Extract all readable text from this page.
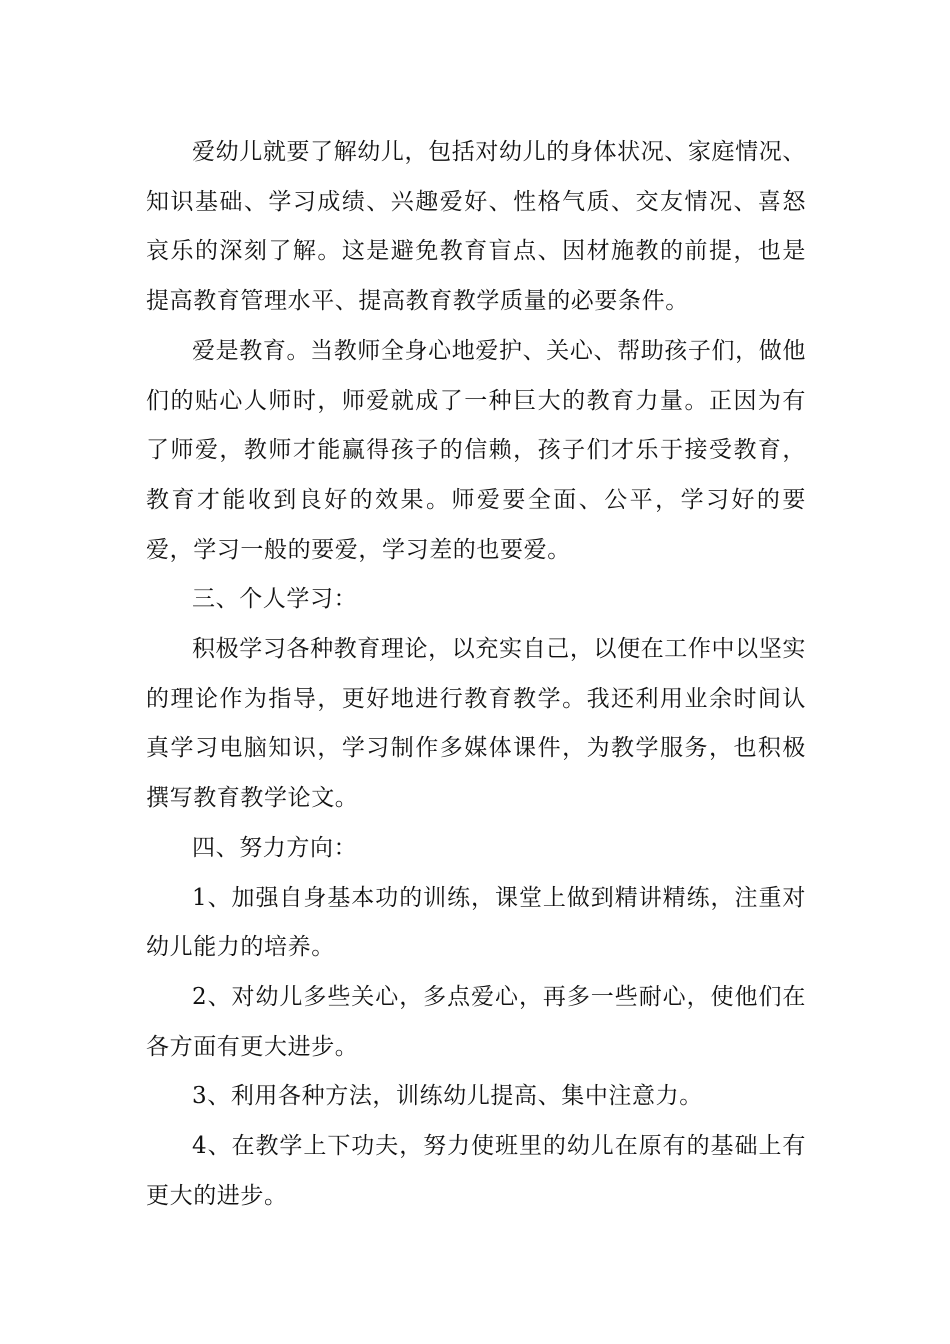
爱幼儿就要了解幼儿，包括对幼儿的身体状况、家庭情况、知识基础、学习成绩、兴趣爱好、性格气质、交友情况、喜怒哀乐的深刻了解。这是避免教育盲点、因材施教的前提，也是提高教育管理水平、提高教育教学质量的必要条件。

爱是教育。当教师全身心地爱护、关心、帮助孩子们，做他们的贴心人师时，师爱就成了一种巨大的教育力量。正因为有了师爱，教师才能赢得孩子的信赖，孩子们才乐于接受教育，教育才能收到良好的效果。师爱要全面、公平，学习好的要爱，学习一般的要爱，学习差的也要爱。

三、个人学习：

积极学习各种教育理论，以充实自己，以便在工作中以坚实的理论作为指导，更好地进行教育教学。我还利用业余时间认真学习电脑知识，学习制作多媒体课件，为教学服务，也积极撰写教育教学论文。

四、努力方向：

1、加强自身基本功的训练，课堂上做到精讲精练，注重对幼儿能力的培养。

2、对幼儿多些关心，多点爱心，再多一些耐心，使他们在各方面有更大进步。

3、利用各种方法，训练幼儿提高、集中注意力。

4、在教学上下功夫，努力使班里的幼儿在原有的基础上有更大的进步。
